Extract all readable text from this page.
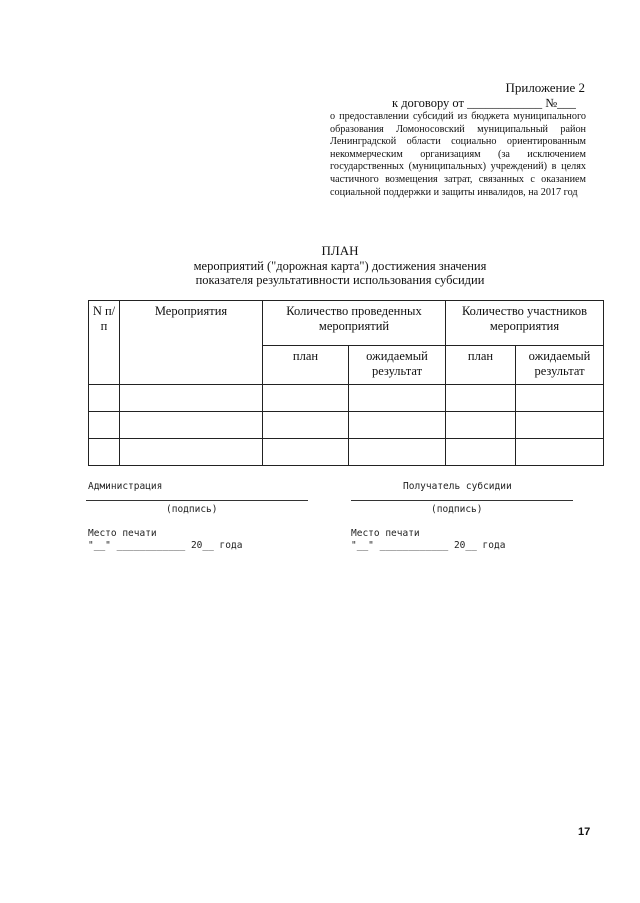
Приложение 2
к договору от ____________ №___
о предоставлении субсидий из бюджета муниципального образования Ломоносовский муниципальный район Ленинградской области социально ориентированным некоммерческим организациям (за исключением государственных (муниципальных) учреждений) в целях частичного возмещения затрат, связанных с оказанием социальной поддержки и защиты инвалидов, на 2017 год
ПЛАН
мероприятий ("дорожная карта") достижения значения
показателя результативности использования субсидии
N п/п	Мероприятия	Количество проведенных мероприятий		Количество участников мероприятия	
		план	ожидаемый результат	план	ожидаемый результат

Администрация
(подпись)
Место печати
"__" ____________ 20__ года
Получатель субсидии
(подпись)
Место печати
"__" ____________ 20__ года
17
